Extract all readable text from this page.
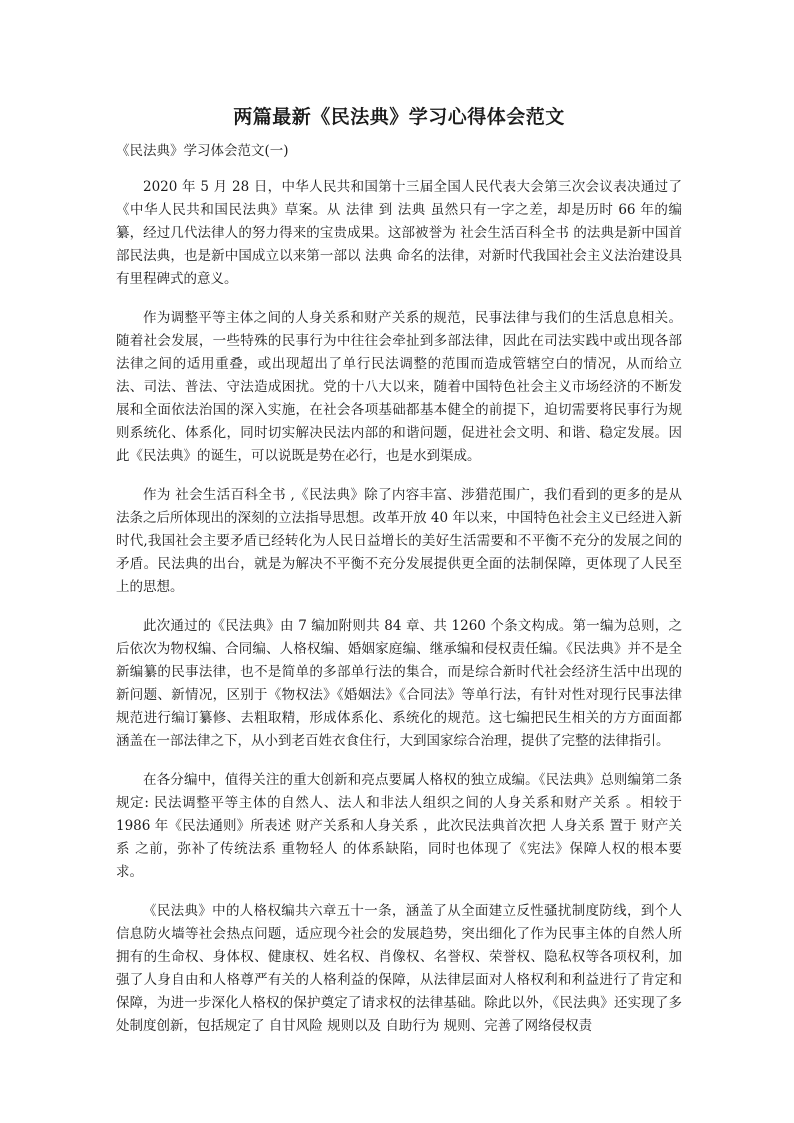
两篇最新《民法典》学习心得体会范文
《民法典》学习体会范文(一)

2020 年 5 月 28 日，中华人民共和国第十三届全国人民代表大会第三次会议表决通过了《中华人民共和国民法典》草案。从 法律 到 法典 虽然只有一字之差，却是历时 66 年的编纂，经过几代法律人的努力得来的宝贵成果。这部被誉为 社会生活百科全书 的法典是新中国首部民法典，也是新中国成立以来第一部以 法典 命名的法律，对新时代我国社会主义法治建设具有里程碑式的意义。

作为调整平等主体之间的人身关系和财产关系的规范，民事法律与我们的生活息息相关。随着社会发展，一些特殊的民事行为中往往会牵扯到多部法律，因此在司法实践中或出现各部法律之间的适用重叠，或出现超出了单行民法调整的范围而造成管辖空白的情况，从而给立法、司法、普法、守法造成困扰。党的十八大以来，随着中国特色社会主义市场经济的不断发展和全面依法治国的深入实施，在社会各项基础都基本健全的前提下，迫切需要将民事行为规则系统化、体系化，同时切实解决民法内部的和谐问题，促进社会文明、和谐、稳定发展。因此《民法典》的诞生，可以说既是势在必行，也是水到渠成。

作为 社会生活百科全书 ,《民法典》除了内容丰富、涉猎范围广，我们看到的更多的是从法条之后所体现出的深刻的立法指导思想。改革开放 40 年以来，中国特色社会主义已经进入新时代,我国社会主要矛盾已经转化为人民日益增长的美好生活需要和不平衡不充分的发展之间的矛盾。民法典的出台，就是为解决不平衡不充分发展提供更全面的法制保障，更体现了人民至上的思想。

此次通过的《民法典》由 7 编加附则共 84 章、共 1260 个条文构成。第一编为总则，之后依次为物权编、合同编、人格权编、婚姻家庭编、继承编和侵权责任编。《民法典》并不是全新编纂的民事法律，也不是简单的多部单行法的集合，而是综合新时代社会经济生活中出现的新问题、新情况，区别于《物权法》《婚姻法》《合同法》等单行法，有针对性对现行民事法律规范进行编订纂修、去粗取精，形成体系化、系统化的规范。这七编把民生相关的方方面面都涵盖在一部法律之下，从小到老百姓衣食住行，大到国家综合治理，提供了完整的法律指引。

在各分编中，值得关注的重大创新和亮点要属人格权的独立成编。《民法典》总则编第二条规定: 民法调整平等主体的自然人、法人和非法人组织之间的人身关系和财产关系 。相较于 1986 年《民法通则》所表述 财产关系和人身关系 ，此次民法典首次把 人身关系 置于 财产关系 之前，弥补了传统法系 重物轻人 的体系缺陷，同时也体现了《宪法》保障人权的根本要求。

《民法典》中的人格权编共六章五十一条，涵盖了从全面建立反性骚扰制度防线，到个人信息防火墙等社会热点问题，适应现今社会的发展趋势，突出细化了作为民事主体的自然人所拥有的生命权、身体权、健康权、姓名权、肖像权、名誉权、荣誉权、隐私权等各项权利，加强了人身自由和人格尊严有关的人格利益的保障，从法律层面对人格权利和利益进行了肯定和保障，为进一步深化人格权的保护奠定了请求权的法律基础。除此以外，《民法典》还实现了多处制度创新，包括规定了 自甘风险 规则以及 自助行为 规则、完善了网络侵权责
